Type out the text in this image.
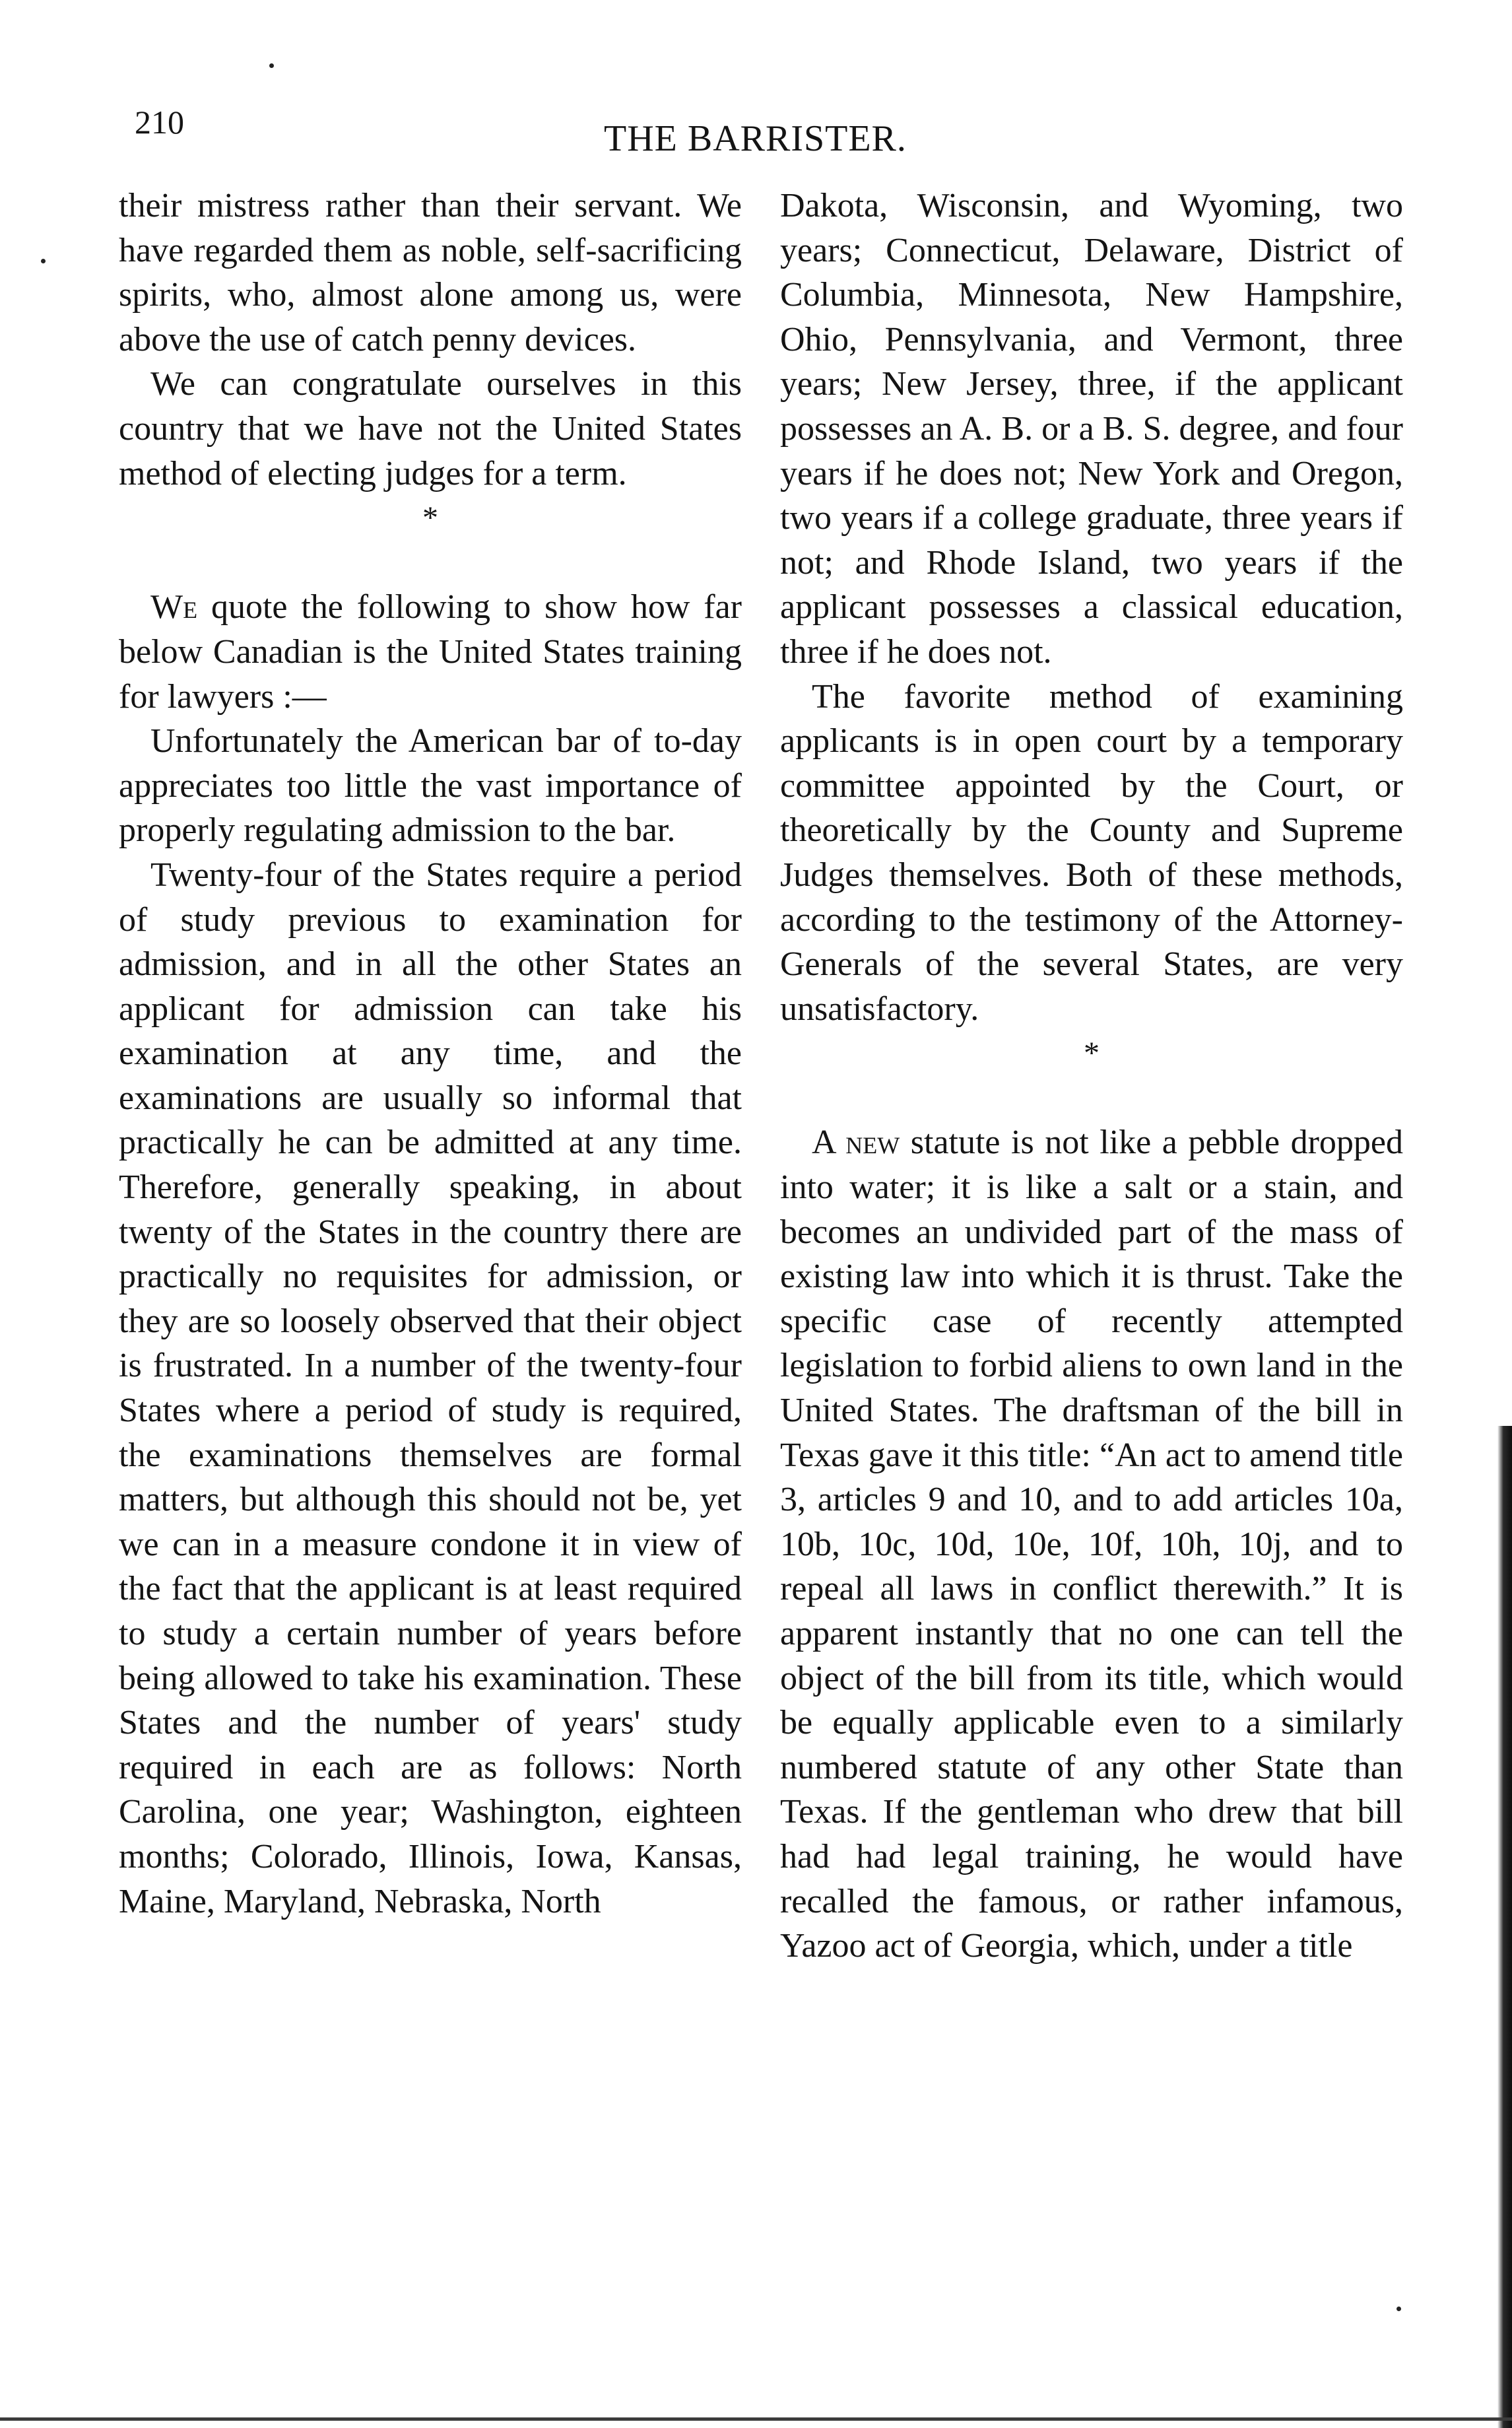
210	THE BARRISTER.

their mistress rather than their servant. We have regarded them as noble, self-sacrificing spirits, who, almost alone among us, were above the use of catch penny devices.

We can congratulate ourselves in this country that we have not the United States method of electing judges for a term.

*

We quote the following to show how far below Canadian is the United States training for lawyers :—

Unfortunately the American bar of to-day appreciates too little the vast importance of properly regulating admission to the bar.

Twenty-four of the States require a period of study previous to examination for admission, and in all the other States an applicant for admission can take his examination at any time, and the examinations are usually so informal that practically he can be admitted at any time. Therefore, generally speaking, in about twenty of the States in the country there are practically no requisites for admission, or they are so loosely observed that their object is frustrated. In a number of the twenty-four States where a period of study is required, the examinations themselves are formal matters, but although this should not be, yet we can in a measure condone it in view of the fact that the applicant is at least required to study a certain number of years before being allowed to take his examination. These States and the number of years' study required in each are as follows: North Carolina, one year; Washington, eighteen months; Colorado, Illinois, Iowa, Kansas, Maine, Maryland, Nebraska, North

Dakota, Wisconsin, and Wyoming, two years; Connecticut, Delaware, District of Columbia, Minnesota, New Hampshire, Ohio, Pennsylvania, and Vermont, three years; New Jersey, three, if the applicant possesses an A. B. or a B. S. degree, and four years if he does not; New York and Oregon, two years if a college graduate, three years if not; and Rhode Island, two years if the applicant possesses a classical education, three if he does not.

The favorite method of examining applicants is in open court by a temporary committee appointed by the Court, or theoretically by the County and Supreme Judges themselves. Both of these methods, according to the testimony of the Attorney-Generals of the several States, are very unsatisfactory.

*

A new statute is not like a pebble dropped into water; it is like a salt or a stain, and becomes an undivided part of the mass of existing law into which it is thrust. Take the specific case of recently attempted legislation to forbid aliens to own land in the United States. The draftsman of the bill in Texas gave it this title: “An act to amend title 3, articles 9 and 10, and to add articles 10a, 10b, 10c, 10d, 10e, 10f, 10h, 10j, and to repeal all laws in conflict therewith.” It is apparent instantly that no one can tell the object of the bill from its title, which would be equally applicable even to a similarly numbered statute of any other State than Texas. If the gentleman who drew that bill had had legal training, he would have recalled the famous, or rather infamous, Yazoo act of Georgia, which, under a title
